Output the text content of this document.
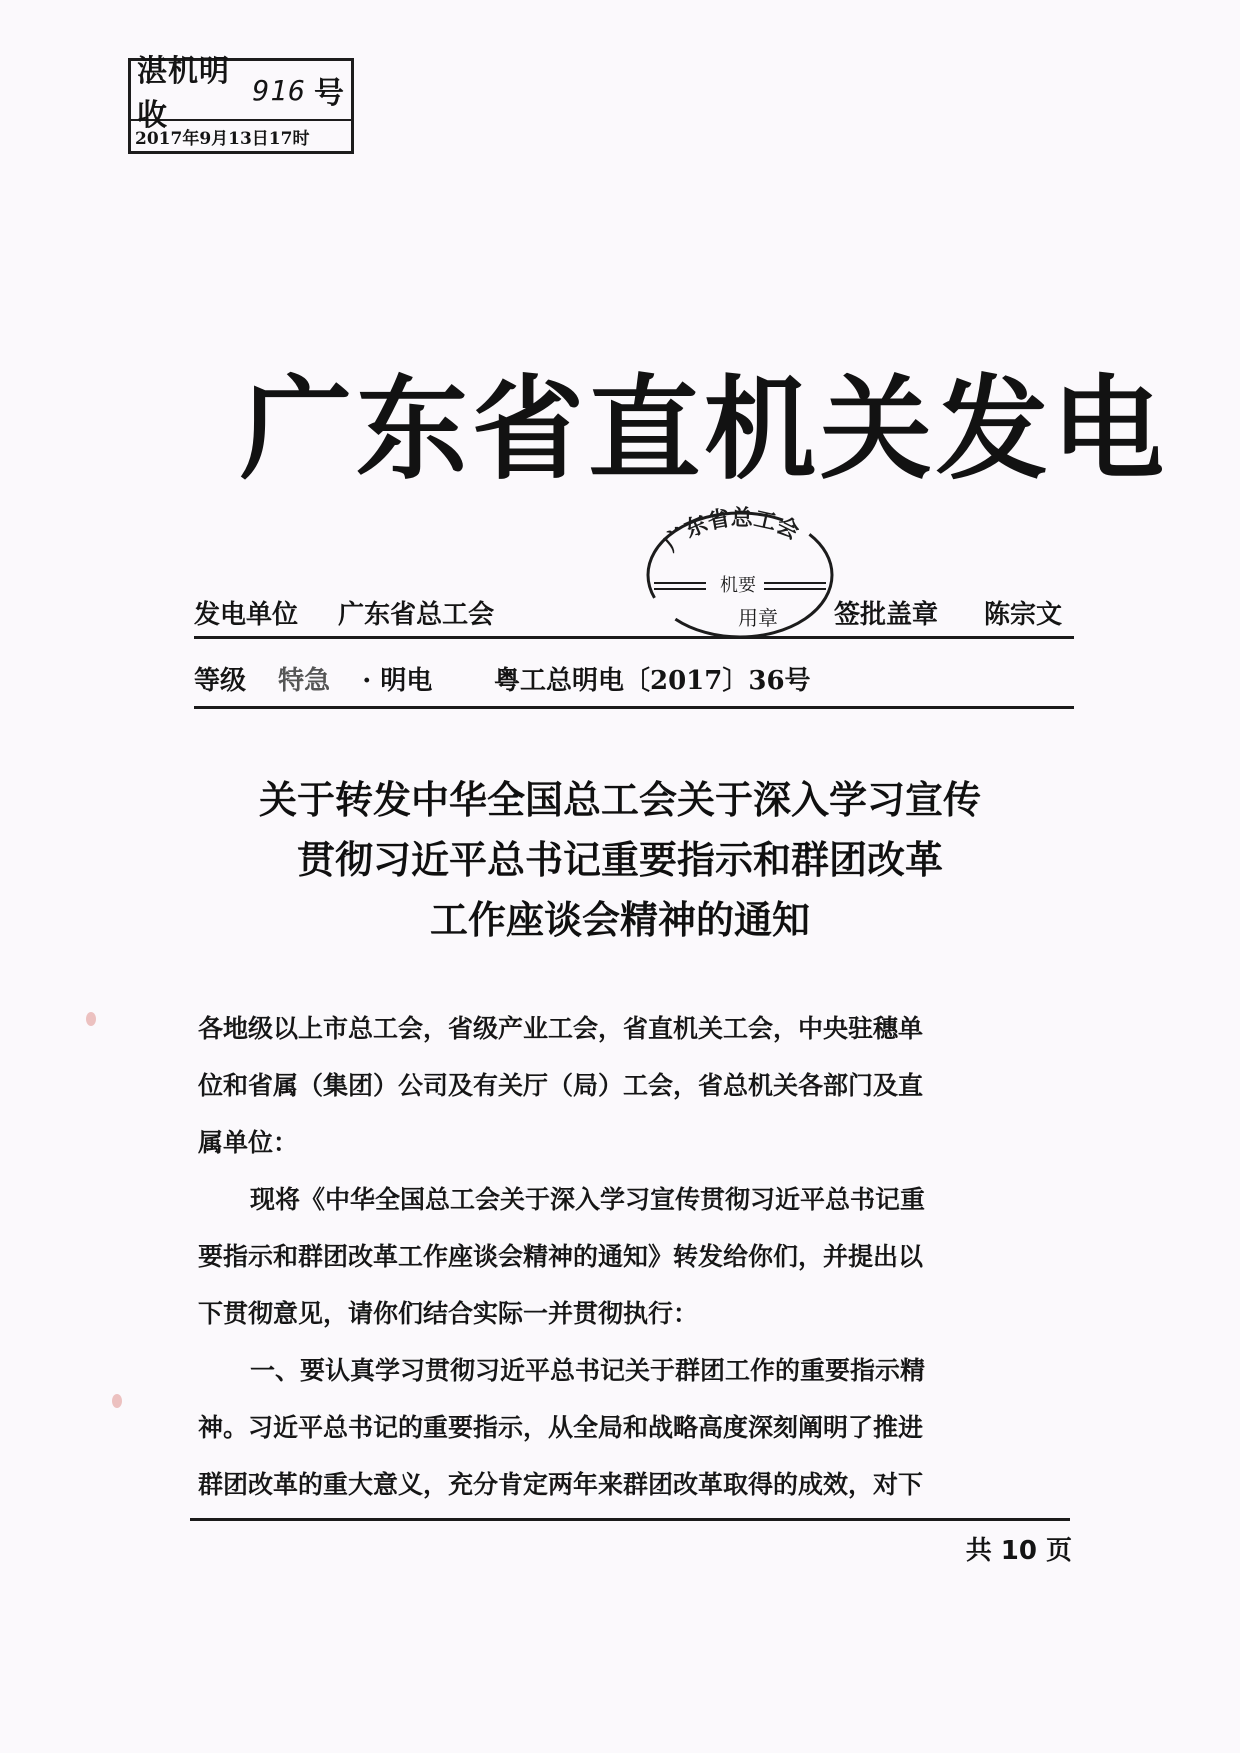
湛机明收
916 号
2017年9月13日17时
广东省直机关发电
发电单位 广东省总工会	签批盖章 陈宗文
等级 特急 · 明电 粤工总明电〔2017〕36号
广东省总工会
机要
用章
关于转发中华全国总工会关于深入学习宣传
贯彻习近平总书记重要指示和群团改革
工作座谈会精神的通知

各地级以上市总工会，省级产业工会，省直机关工会，中央驻穗单

位和省属（集团）公司及有关厅（局）工会，省总机关各部门及直

属单位：

现将《中华全国总工会关于深入学习宣传贯彻习近平总书记重

要指示和群团改革工作座谈会精神的通知》转发给你们，并提出以

下贯彻意见，请你们结合实际一并贯彻执行：

一、要认真学习贯彻习近平总书记关于群团工作的重要指示精

神。习近平总书记的重要指示，从全局和战略高度深刻阐明了推进

群团改革的重大意义，充分肯定两年来群团改革取得的成效，对下

共 10 页
